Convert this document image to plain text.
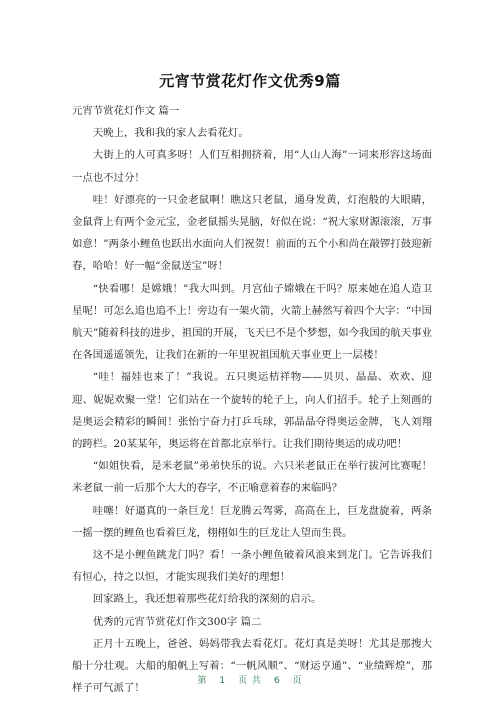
元宵节赏花灯作文优秀9篇

元宵节赏花灯作文 篇一

天晚上，我和我的家人去看花灯。

大街上的人可真多呀！人们互相拥挤着，用“人山人海”一词来形容这场面一点也不过分！

哇！好漂亮的一只金老鼠啊！瞧这只老鼠，通身发黄，灯泡般的大眼睛，金鼠背上有两个金元宝，金老鼠摇头晃脑，好似在说：“祝大家财源滚滚，万事如意！”两条小鲤鱼也跃出水面向人们祝贺！前面的五个小和尚在敲锣打鼓迎新春，哈哈！好一幅“金鼠送宝”呀！

“快看哪！是嫦娥！”我大叫到。月宫仙子嫦娥在干吗？原来她在追人造卫星呢！可怎么追也追不上！旁边有一架火箭，火箭上赫然写着四个大字：“中国航天”随着科技的进步，祖国的开展，飞天已不是个梦想，如今我国的航天事业在各国遥遥领先，让我们在新的一年里祝祖国航天事业更上一层楼！

“哇！福娃也来了！”我说。五只奥运桔祥物——贝贝、晶晶、欢欢、迎迎、妮妮欢聚一堂！它们站在一个旋转的轮子上，向人们招手。轮子上刻画的是奥运会精彩的瞬间！张怡宁奋力打乒乓球，郭晶晶夺得奥运金牌，飞人刘翔的跨栏。20某某年，奥运将在首都北京举行。让我们期待奥运的成功吧！

“如姐快看，是米老鼠”弟弟快乐的说。六只米老鼠正在举行拔河比赛呢！米老鼠一前一后那个大大的春字，不正喻意着春的来临吗？

哇噻！好逼真的一条巨龙！巨龙腾云驾雾，高高在上，巨龙盘旋着，两条一摇一摆的鲤鱼也看着巨龙，栩栩如生的巨龙让人望而生畏。

这不是小鲤鱼跳龙门吗？看！一条小鲤鱼破着风浪来到龙门。它告诉我们有恒心，持之以恒，才能实现我们美好的理想！

回家路上，我还想着那些花灯给我的深刻的启示。

优秀的元宵节赏花灯作文300字 篇二

正月十五晚上，爸爸、妈妈带我去看花灯。花灯真是美呀！尤其是那搜大船十分壮观。大船的船帆上写着：“一帆风顺”、“财运亨通”、“业绩辉煌”，那样子可气派了！

第 1 页 共 6 页
